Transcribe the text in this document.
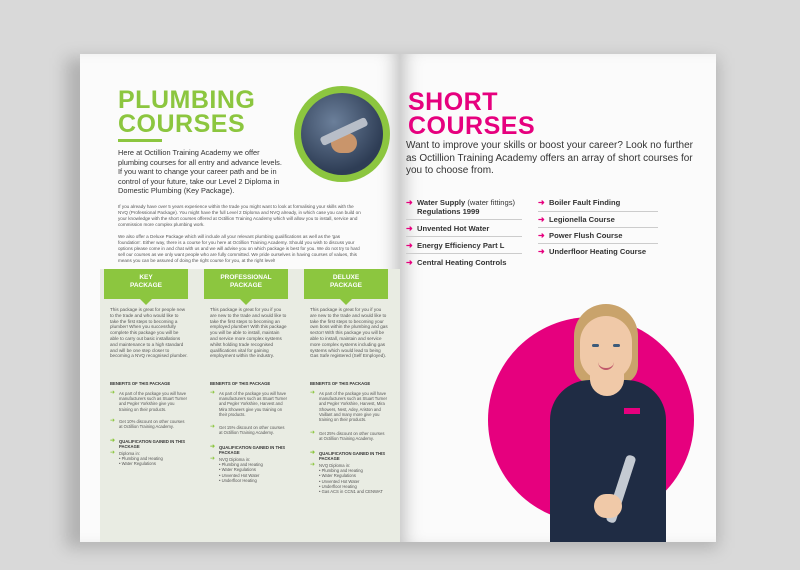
PLUMBING
COURSES
Here at Octillion Training Academy we offer plumbing courses for all entry and advance levels. If you want to change your career path and be in control of your future, take our Level 2 Diploma in Domestic Plumbing (Key Package).
If you already have over 5 years experience within the trade you might want to look at formalising your skills with the NVQ (Professional Package). You might have the full Level 2 Diploma and NVQ already, in which case you can build on your knowledge with the short courses offered at Octillion Training Academy which will allow you to install, service and commission more complex plumbing work.
We also offer a Deluxe Package which will include all your relevant plumbing qualifications as well as the 'gas foundation'. Either way, there is a course for you here at Octillion Training Academy. Should you wish to discuss your options please come in and chat with us and we will advise you on which package is best for you. We do not try to hard sell our courses as we only want people who are fully committed. We pride ourselves in having courses of values, this means you can be assured of doing the right course for you, at the right level!
KEY
PACKAGE
This package is great for people new to the trade and who would like to take the first steps to becoming a plumber! When you successfully complete this package you will be able to carry out basic installations and maintenance to a high standard and will be one step closer to becoming a NVQ recognised plumber.
BENEFITS OF THIS PACKAGE
➜ As part of the package you will have manufacturers such as Stuart Turner and Pegler Yorkshire give you training on their products.
➜ Get 10% discount on other courses at Octillion Training Academy.
➜ QUALIFICATION GAINED IN THIS PACKAGE
➜ Diploma in:
• Plumbing and Heating
• Water Regulations
PROFESSIONAL
PACKAGE
This package is great for you if you are new to the trade and would like to take the first steps to becoming an employed plumber! With this package you will be able to install, maintain and service more complex systems whilst holding trade recognised qualifications vital for gaining employment within the industry.
BENEFITS OF THIS PACKAGE
➜ As part of the package you will have manufacturers such as Stuart Turner and Pegler Yorkshire, Harvest and Mira Showers give you training on their products.
➜ Get 15% discount on other courses at Octillion Training Academy.
➜ QUALIFICATION GAINED IN THIS PACKAGE
➜ NVQ Diploma in:
• Plumbing and Heating
• Water Regulations
• Unvented Hot Water
• Underfloor Heating
DELUXE
PACKAGE
This package is great for you if you are new to the trade and would like to take the first steps to becoming your own boss within the plumbing and gas sector! With this package you will be able to install, maintain and service more complex systems including gas systems which would lead to being Gas Safe registered (Self Employed).
BENEFITS OF THIS PACKAGE
➜ As part of the package you will have manufacturers such as Stuart Turner and Pegler Yorkshire, Harvest, Mira Showers, Nest, Adey, Ariston and Vaillant and many more give you training on their products.
➜ Get 25% discount on other courses at Octillion Training Academy.
➜ QUALIFICATION GAINED IN THIS PACKAGE
➜ NVQ Diploma in:
• Plumbing and Heating
• Water Regulations
• Unvented Hot Water
• Underfloor Heating
• Gas ACS in CCN1 and CENWAT
SHORT
COURSES
Want to improve your skills or boost your career? Look no further as Octillion Training Academy offers an array of short courses for you to choose from.
➜ Water Supply (water fittings)
Regulations 1999
➜ Unvented Hot Water
➜ Energy Efficiency Part L
➜ Central Heating Controls
➜ Boiler Fault Finding
➜ Legionella Course
➜ Power Flush Course
➜ Underfloor Heating Course
